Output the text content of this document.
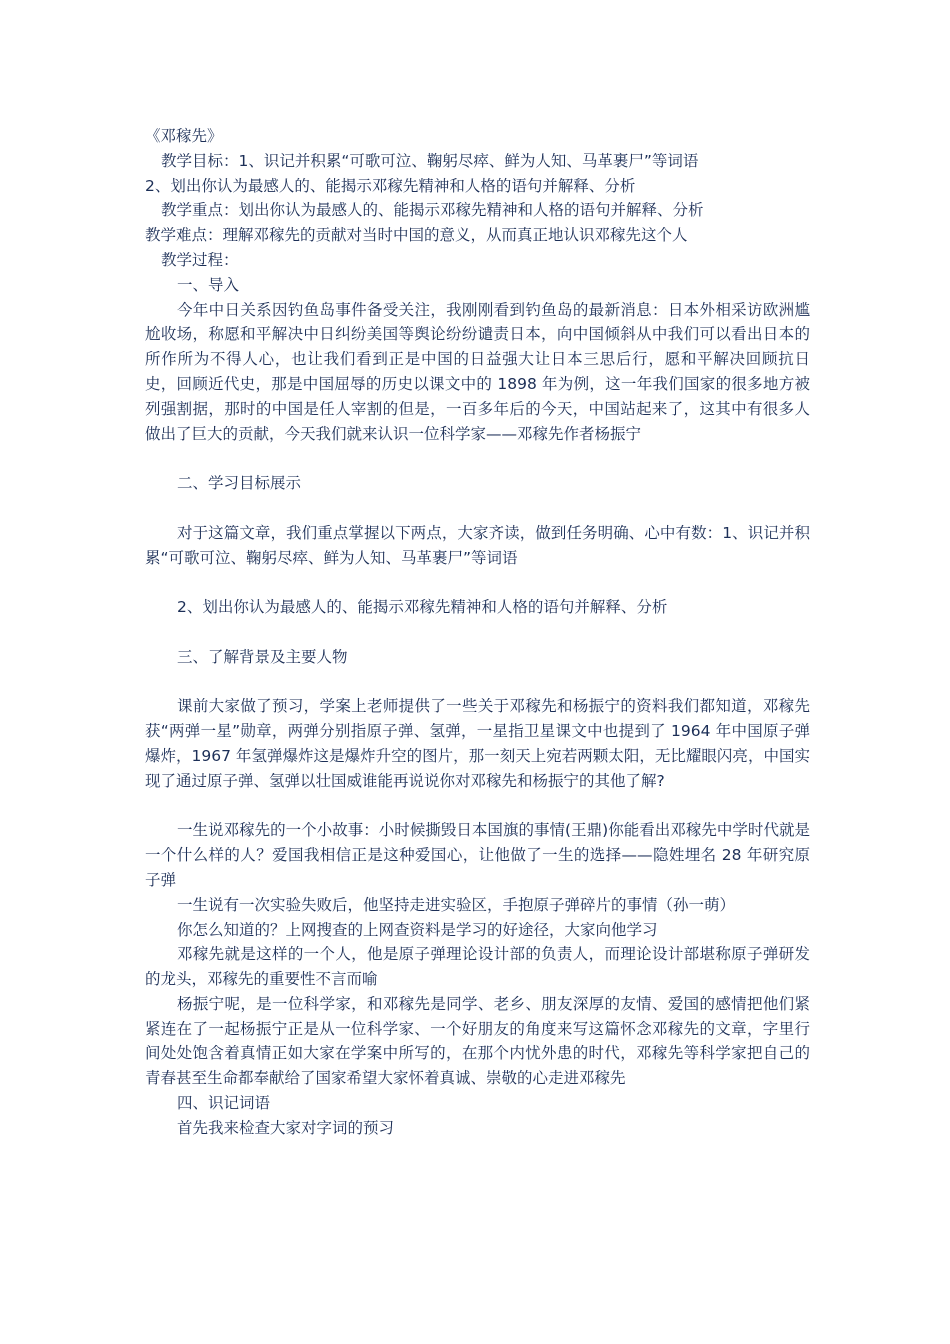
《邓稼先》

教学目标：1、识记并积累“可歌可泣、鞠躬尽瘁、鲜为人知、马革裹尸”等词语

2、划出你认为最感人的、能揭示邓稼先精神和人格的语句并解释、分析

教学重点：划出你认为最感人的、能揭示邓稼先精神和人格的语句并解释、分析

教学难点：理解邓稼先的贡献对当时中国的意义，从而真正地认识邓稼先这个人

教学过程：

一、导入

今年中日关系因钓鱼岛事件备受关注，我刚刚看到钓鱼岛的最新消息：日本外相采访欧洲尴尬收场，称愿和平解决中日纠纷美国等舆论纷纷谴责日本，向中国倾斜从中我们可以看出日本的所作所为不得人心，也让我们看到正是中国的日益强大让日本三思后行，愿和平解决回顾抗日史，回顾近代史，那是中国屈辱的历史以课文中的 1898 年为例，这一年我们国家的很多地方被列强割据，那时的中国是任人宰割的但是，一百多年后的今天，中国站起来了，这其中有很多人做出了巨大的贡献，今天我们就来认识一位科学家——邓稼先作者杨振宁

二、学习目标展示

对于这篇文章，我们重点掌握以下两点，大家齐读，做到任务明确、心中有数：1、识记并积累“可歌可泣、鞠躬尽瘁、鲜为人知、马革裹尸”等词语

2、划出你认为最感人的、能揭示邓稼先精神和人格的语句并解释、分析

三、了解背景及主要人物

课前大家做了预习，学案上老师提供了一些关于邓稼先和杨振宁的资料我们都知道，邓稼先获“两弹一星”勋章，两弹分别指原子弹、氢弹，一星指卫星课文中也提到了 1964 年中国原子弹爆炸，1967 年氢弹爆炸这是爆炸升空的图片，那一刻天上宛若两颗太阳，无比耀眼闪亮，中国实现了通过原子弹、氢弹以壮国威谁能再说说你对邓稼先和杨振宁的其他了解?

一生说邓稼先的一个小故事：小时候撕毁日本国旗的事情(王鼎)你能看出邓稼先中学时代就是一个什么样的人？爱国我相信正是这种爱国心，让他做了一生的选择——隐姓埋名 28 年研究原子弹

一生说有一次实验失败后，他坚持走进实验区，手抱原子弹碎片的事情（孙一萌）

你怎么知道的？上网搜查的上网查资料是学习的好途径，大家向他学习

邓稼先就是这样的一个人，他是原子弹理论设计部的负责人，而理论设计部堪称原子弹研发的龙头，邓稼先的重要性不言而喻

杨振宁呢，是一位科学家，和邓稼先是同学、老乡、朋友深厚的友情、爱国的感情把他们紧紧连在了一起杨振宁正是从一位科学家、一个好朋友的角度来写这篇怀念邓稼先的文章，字里行间处处饱含着真情正如大家在学案中所写的，在那个内忧外患的时代，邓稼先等科学家把自己的青春甚至生命都奉献给了国家希望大家怀着真诚、崇敬的心走进邓稼先

四、识记词语

首先我来检查大家对字词的预习
